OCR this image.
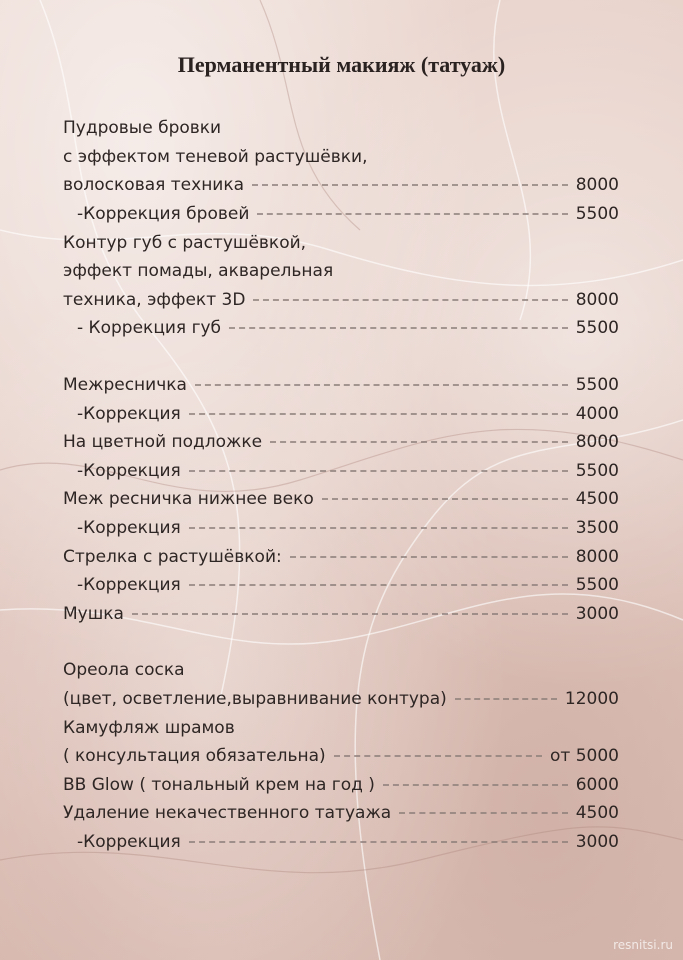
Перманентный макияж (татуаж)
Пудровые бровки
с эффектом теневой растушёвки,
волосковая техника	8000
-Коррекция бровей	5500
Контур губ с растушёвкой,
эффект помады, акварельная
техника, эффект 3D	8000
- Коррекция губ	5500
Межресничка	5500
-Коррекция	4000
На цветной подложке	8000
-Коррекция	5500
Меж ресничка нижнее веко	4500
-Коррекция	3500
Стрелка с растушёвкой:	8000
-Коррекция	5500
Мушка	3000
Ореола соска
(цвет, осветление,выравнивание контура)	12000
Камуфляж шрамов
( консультация обязательна)	от 5000
BB Glow ( тональный крем на год )	6000
Удаление некачественного татуажа	4500
-Коррекция	3000
resnitsi.ru
